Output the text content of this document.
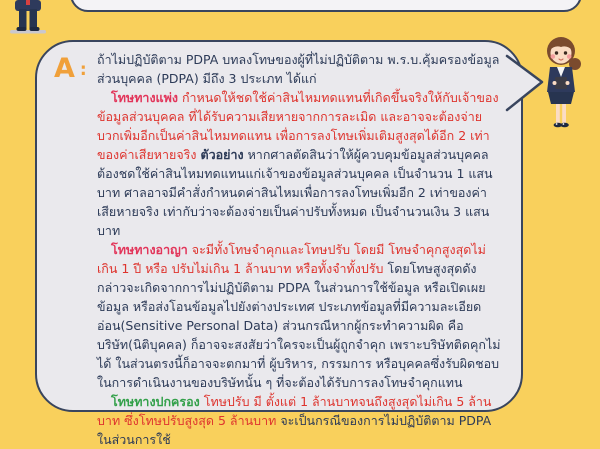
A :

ถ้าไม่ปฏิบัติตาม PDPA บทลงโทษของผู้ที่ไม่ปฏิบัติตาม พ.ร.บ.คุ้มครองข้อมูลส่วนบุคคล (PDPA) มีถึง 3 ประเภท ได้แก่

โทษทางแพ่ง กำหนดให้ชดใช้ค่าสินไหมทดแทนที่เกิดขึ้นจริงให้กับเจ้าของข้อมูลส่วนบุคคล ที่ได้รับความเสียหายจากการละเมิด และอาจจะต้องจ่ายบวกเพิ่มอีกเป็นค่าสินไหมทดแทน เพื่อการลงโทษเพิ่มเติมสูงสุดได้อีก 2 เท่าของค่าเสียหายจริง ตัวอย่าง หากศาลตัดสินว่าให้ผู้ควบคุมข้อมูลส่วนบุคคล ต้องชดใช้ค่าสินไหมทดแทนแก่เจ้าของข้อมูลส่วนบุคคล เป็นจำนวน 1 แสนบาท ศาลอาจมีคำสั่งกำหนดค่าสินไหมเพื่อการลงโทษเพิ่มอีก 2 เท่าของค่าเสียหายจริง เท่ากับว่าจะต้องจ่ายเป็นค่าปรับทั้งหมด เป็นจำนวนเงิน 3 แสนบาท

โทษทางอาญา จะมีทั้งโทษจำคุกและโทษปรับ โดยมี โทษจำคุกสูงสุดไม่เกิน 1 ปี หรือ ปรับไม่เกิน 1 ล้านบาท หรือทั้งจำทั้งปรับ โดยโทษสูงสุดดังกล่าวจะเกิดจากการไม่ปฏิบัติตาม PDPA ในส่วนการใช้ข้อมูล หรือเปิดเผยข้อมูล หรือส่งโอนข้อมูลไปยังต่างประเทศ ประเภทข้อมูลที่มีความละเอียดอ่อน(Sensitive Personal Data) ส่วนกรณีหากผู้กระทำความผิด คือ บริษัท(นิติบุคคล) ก็อาจจะสงสัยว่าใครจะเป็นผู้ถูกจำคุก เพราะบริษัทติดคุกไม่ได้ ในส่วนตรงนี้ก็อาจจะตกมาที่ ผู้บริหาร, กรรมการ หรือบุคคลซึ่งรับผิดชอบในการดำเนินงานของบริษัทนั้น ๆ ที่จะต้องได้รับการลงโทษจำคุกแทน

โทษทางปกครอง โทษปรับ มี ตั้งแต่ 1 ล้านบาทจนถึงสูงสุดไม่เกิน 5 ล้านบาท ซึ่งโทษปรับสูงสุด 5 ล้านบาท จะเป็นกรณีของการไม่ปฏิบัติตาม PDPA ในส่วนการใช้
